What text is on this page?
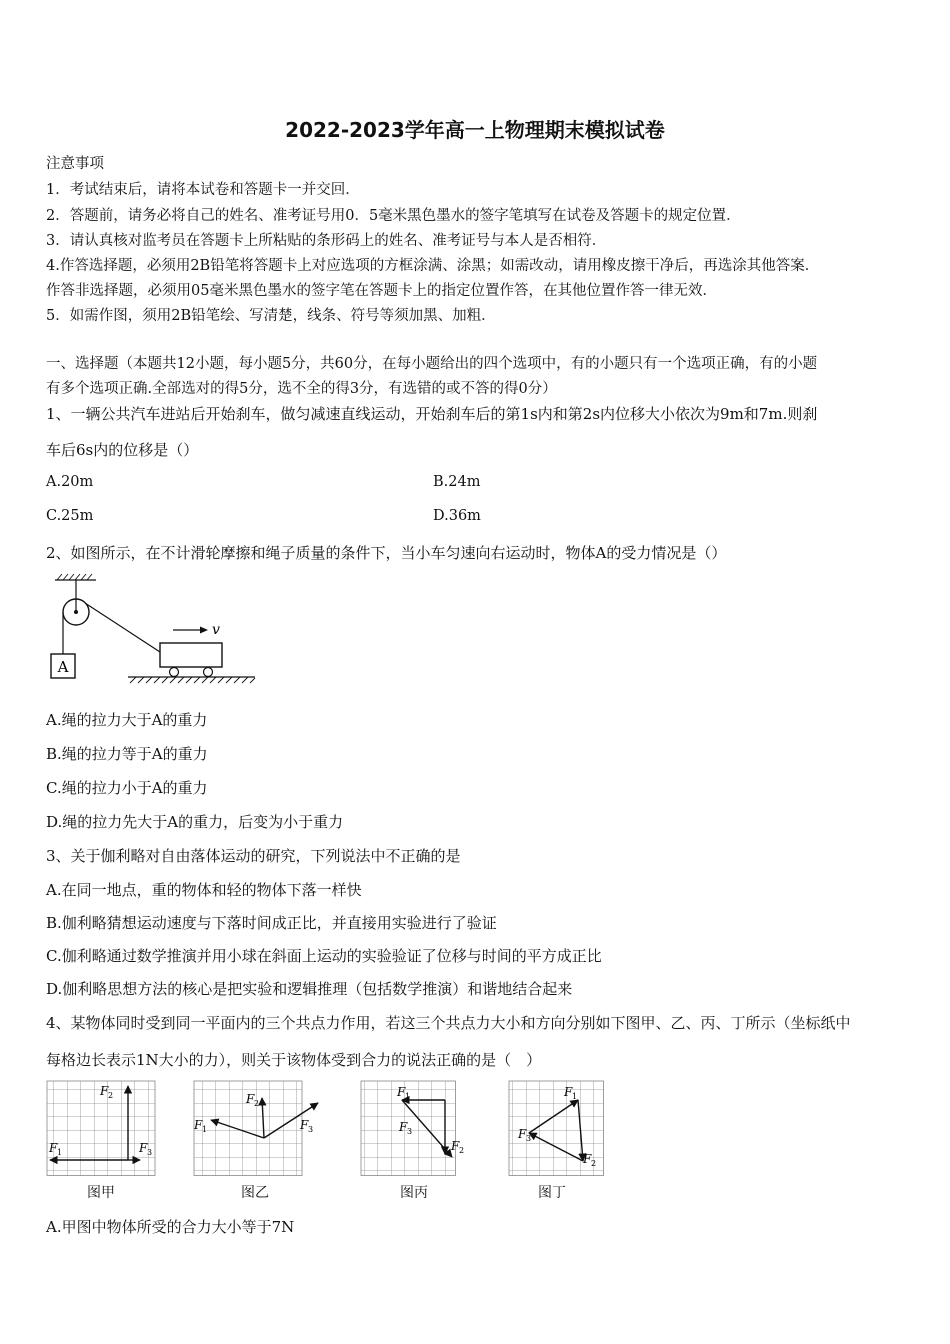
2022-2023学年高一上物理期末模拟试卷
注意事项
1．考试结束后，请将本试卷和答题卡一并交回．
2．答题前，请务必将自己的姓名、准考证号用0．5毫米黑色墨水的签字笔填写在试卷及答题卡的规定位置．
3．请认真核对监考员在答题卡上所粘贴的条形码上的姓名、准考证号与本人是否相符．
4.作答选择题，必须用2B铅笔将答题卡上对应选项的方框涂满、涂黑；如需改动，请用橡皮擦干净后，再选涂其他答案．
作答非选择题，必须用05毫米黑色墨水的签字笔在答题卡上的指定位置作答，在其他位置作答一律无效．
5．如需作图，须用2B铅笔绘、写清楚，线条、符号等须加黑、加粗．
一、选择题（本题共12小题，每小题5分，共60分，在每小题给出的四个选项中，有的小题只有一个选项正确，有的小题
有多个选项正确.全部选对的得5分，选不全的得3分，有选错的或不答的得0分）
1、一辆公共汽车进站后开始刹车，做匀减速直线运动，开始刹车后的第1s内和第2s内位移大小依次为9m和7m.则刹
车后6s内的位移是（）
A.20m	B.24m
C.25m	D.36m
2、如图所示，在不计滑轮摩擦和绳子质量的条件下，当小车匀速向右运动时，物体A的受力情况是（）
A
v
A.绳的拉力大于A的重力
B.绳的拉力等于A的重力
C.绳的拉力小于A的重力
D.绳的拉力先大于A的重力，后变为小于重力
3、关于伽利略对自由落体运动的研究，下列说法中不正确的是
A.在同一地点，重的物体和轻的物体下落一样快
B.伽利略猜想运动速度与下落时间成正比，并直接用实验进行了验证
C.伽利略通过数学推演并用小球在斜面上运动的实验验证了位移与时间的平方成正比
D.伽利略思想方法的核心是把实验和逻辑推理（包括数学推演）和谐地结合起来
4、某物体同时受到同一平面内的三个共点力作用，若这三个共点力大小和方向分别如下图甲、乙、丙、丁所示（坐标纸中
每格边长表示1N大小的力），则关于该物体受到合力的说法正确的是（　）
F 2
F 1	F 3
F 2
F 1	F 3
F 1
F 3
F 2
F 1
F 3
F 2
图甲	图乙	图丙	图丁
A.甲图中物体所受的合力大小等于7N
